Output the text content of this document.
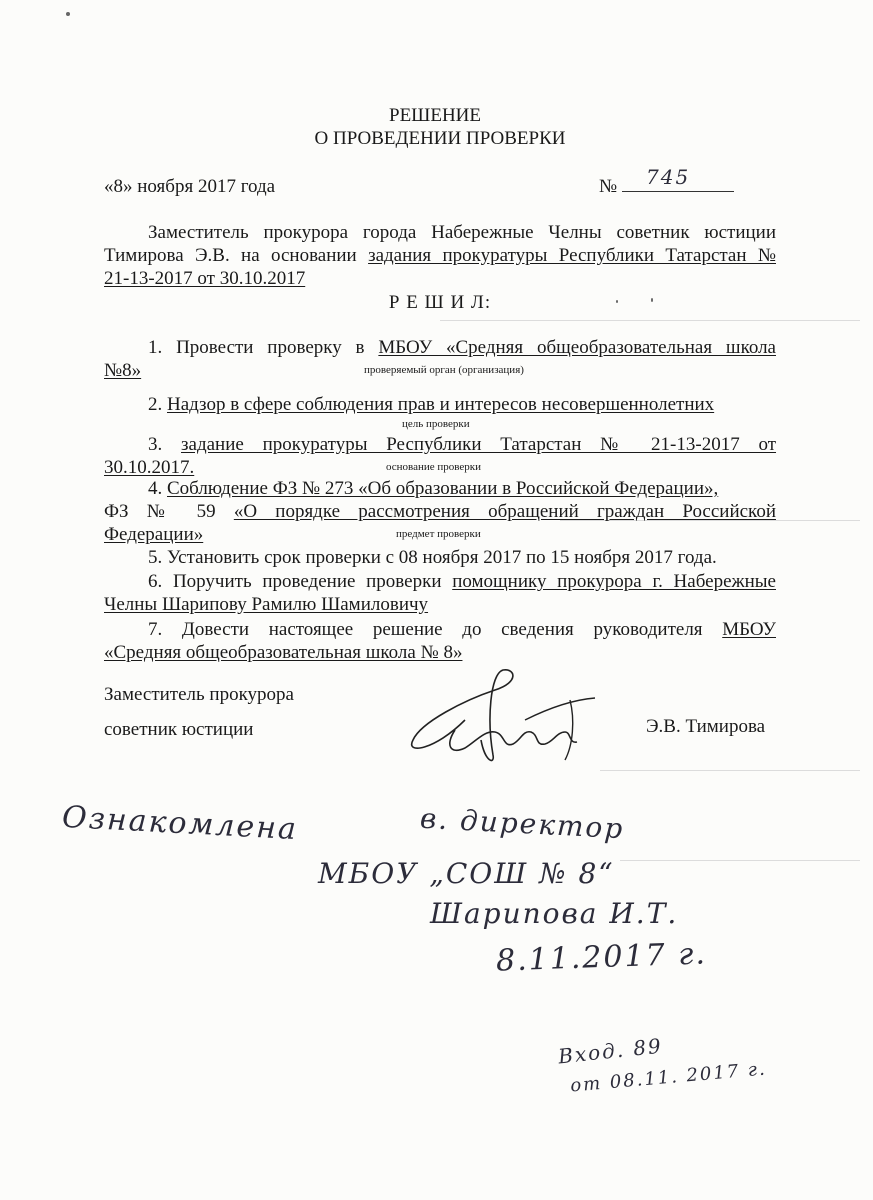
РЕШЕНИЕ
О ПРОВЕДЕНИИ ПРОВЕРКИ
«8» ноября 2017 года	№ 745
Заместитель прокурора города Набережные Челны советник юстиции
Тимирова Э.В. на основании задания прокуратуры Республики Татарстан №
21-13-2017 от 30.10.2017
Р Е Ш И Л:
1. Провести проверку в МБОУ «Средняя общеобразовательная школа
№8»	проверяемый орган (организация)
2. Надзор в сфере соблюдения прав и интересов несовершеннолетних
цель проверки
3. задание прокуратуры Республики Татарстан № 21-13-2017 от
30.10.2017.	основание проверки
4. Соблюдение ФЗ № 273 «Об образовании в Российской Федерации»,
ФЗ № 59 «О порядке рассмотрения обращений граждан Российской
Федерации»	предмет проверки
5. Установить срок проверки с 08 ноября 2017 по 15 ноября 2017 года.
6. Поручить проведение проверки помощнику прокурора г. Набережные
Челны Шарипову Рамилю Шамиловичу
7. Довести настоящее решение до сведения руководителя МБОУ
«Средняя общеобразовательная школа № 8»
Заместитель прокурора
советник юстиции	Э.В. Тимирова
Ознакомлена	в. директор
МБОУ „СОШ № 8“
Шарипова И.Т.
8.11.2017 г.
Вход. 89
от 08.11. 2017 г.
